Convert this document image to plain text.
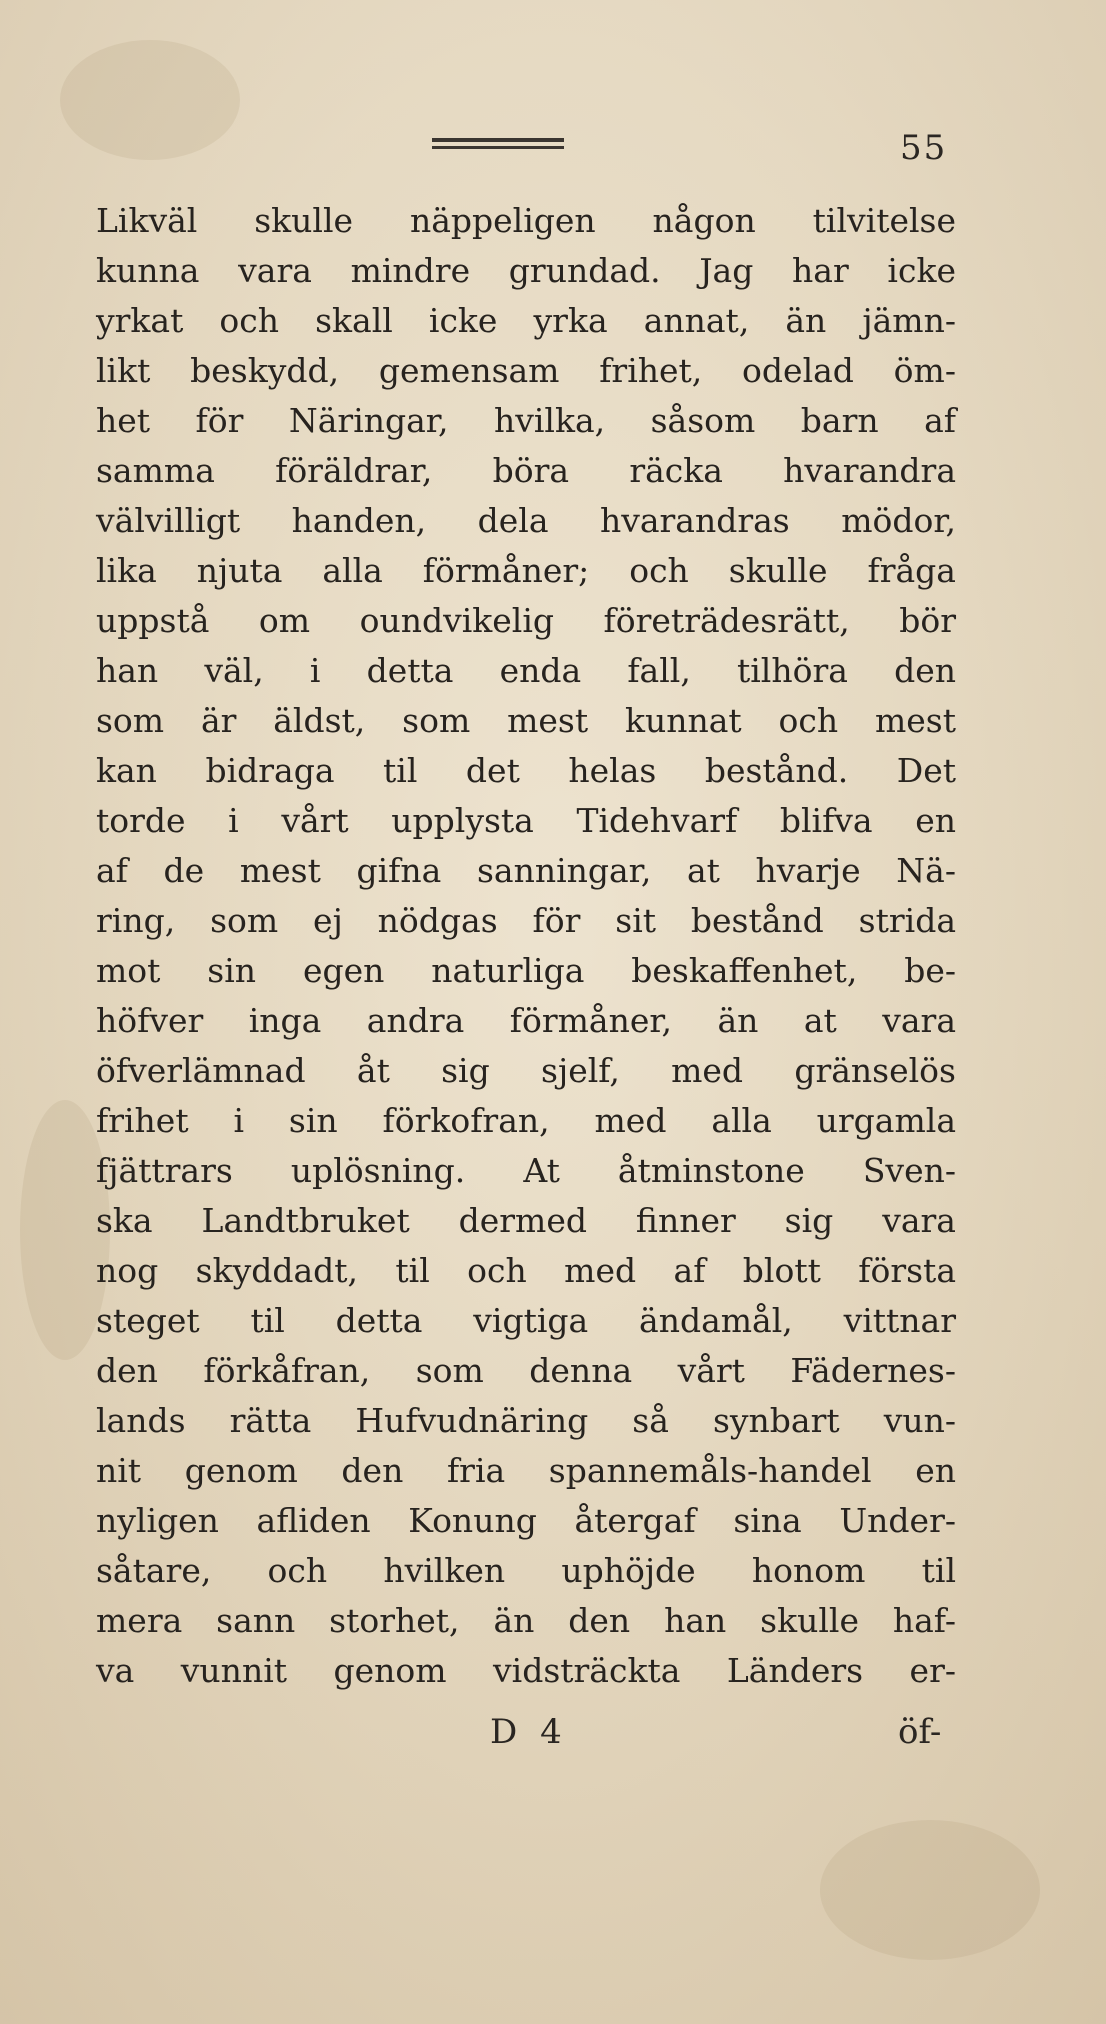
55
Likväl skulle näppeligen någon tilvitelse
kunna vara mindre grundad. Jag har icke
yrkat och skall icke yrka annat, än jämn-
likt beskydd, gemensam frihet, odelad öm-
het för Näringar, hvilka, såsom barn af
samma föräldrar, böra räcka hvarandra
välvilligt handen, dela hvarandras mödor,
lika njuta alla förmåner; och skulle fråga
uppstå om oundvikelig företrädesrätt, bör
han väl, i detta enda fall, tilhöra den
som är äldst, som mest kunnat och mest
kan bidraga til det helas bestånd. Det
torde i vårt upplysta Tidehvarf blifva en
af de mest gifna sanningar, at hvarje Nä-
ring, som ej nödgas för sit bestånd strida
mot sin egen naturliga beskaffenhet, be-
höfver inga andra förmåner, än at vara
öfverlämnad åt sig sjelf, med gränselös
frihet i sin förkofran, med alla urgamla
fjättrars uplösning. At åtminstone Sven-
ska Landtbruket dermed finner sig vara
nog skyddadt, til och med af blott första
steget til detta vigtiga ändamål, vittnar
den förkåfran, som denna vårt Fädernes-
lands rätta Hufvudnäring så synbart vun-
nit genom den fria spannemåls-handel en
nyligen afliden Konung återgaf sina Under-
såtare, och hvilken uphöjde honom til
mera sann storhet, än den han skulle haf-
va vunnit genom vidsträckta Länders er-
D 4	öf-
